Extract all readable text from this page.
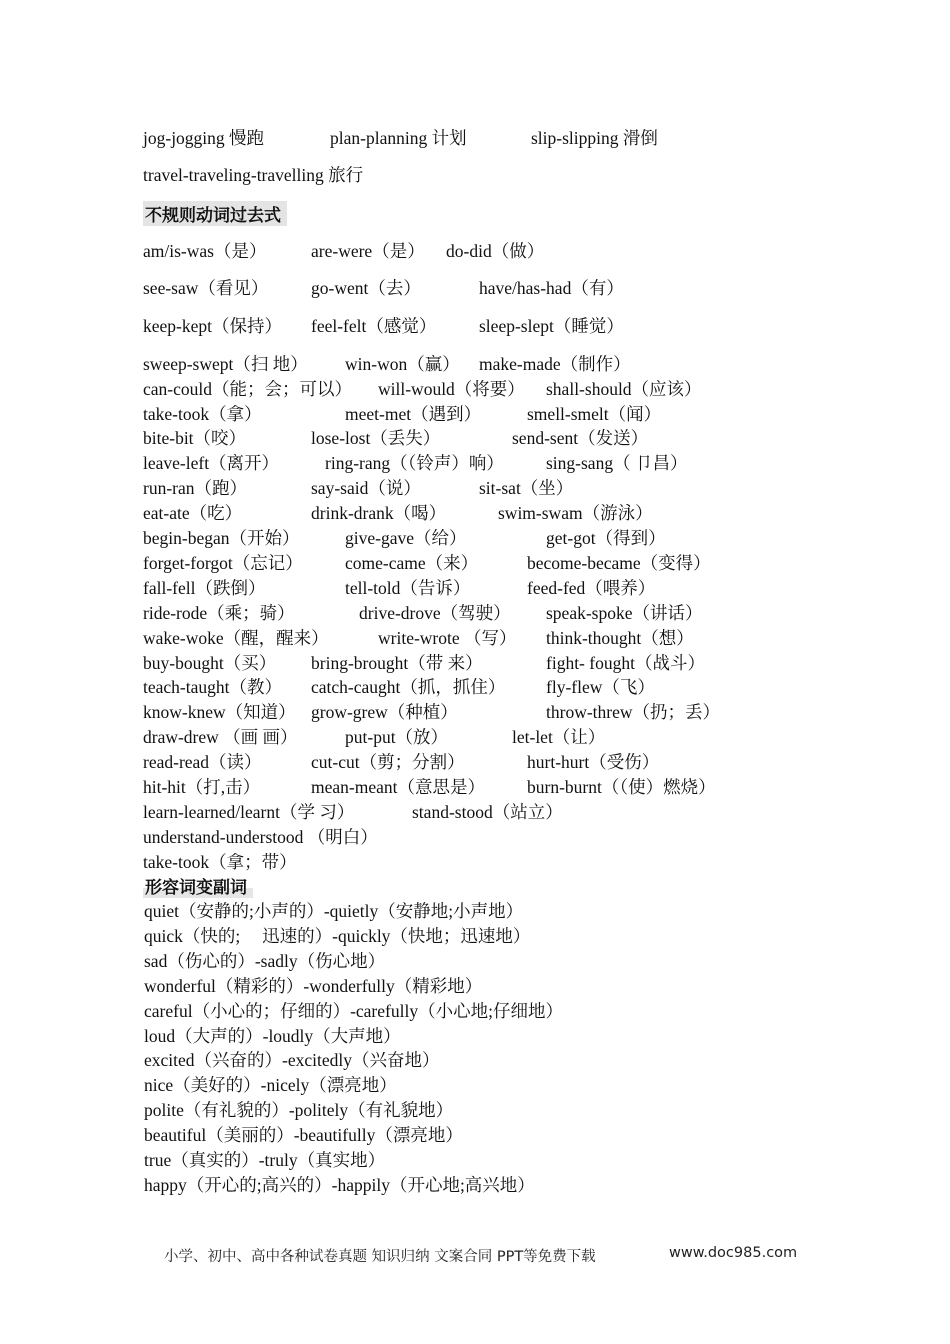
jog-jogging 慢跑	plan-planning 计划	slip-slipping 滑倒
travel-traveling-travelling 旅行
不规则动词过去式
am/is-was（是）	are-were（是） do-did（做）
see-saw（看见） go-went（去）	have/has-had（有）
keep-kept（保持） feel-felt（感觉） sleep-slept（睡觉）
sweep-swept（扫 地） win-won（赢） make-made（制作）
can-could（能；会；可以） will-would（将要） shall-should（应该）
take-took（拿）	meet-met（遇到）	smell-smelt（闻）
bite-bit（咬）	lose-lost（丢失）	send-sent（发送）
leave-left（离开）	ring-rang（（铃声）响） sing-sang（ 卩昌）
run-ran（跑）	say-said（说）	sit-sat（坐）
eat-ate（吃）	drink-drank（喝）	swim-swam（游泳）
begin-began（开始）	give-gave（给）	get-got（得到）
forget-forgot（忘记） come-came（来）	become-became（变得）
fall-fell（跌倒）	tell-told（告诉）	feed-fed（喂养）
ride-rode（乘；骑）	drive-drove（驾驶） speak-spoke（讲话）
wake-woke（醒，醒来）	write-wrote （写） think-thought（想）
buy-bought（买） bring-brought（带 来）	fight- fought（战斗）
teach-taught（教） catch-caught（抓，抓住） fly-flew（飞）
know-knew（知道） grow-grew（种植）	throw-threw（扔；丢）
draw-drew （画 画）	put-put（放）	let-let（让）
read-read（读）	cut-cut（剪；分割）	hurt-hurt（受伤）
hit-hit（打,击）	mean-meant（意思是） burn-burnt（（使）燃烧）
learn-learned/learnt（学 习）	stand-stood（站立）
understand-understood （明白）
take-took（拿；带）
形容词变副词
quiet（安静的;小声的）-quietly（安静地;小声地）
quick（快的;　 迅速的）-quickly（快地；迅速地）
sad（伤心的）-sadly（伤心地）
wonderful（精彩的）-wonderfully（精彩地）
careful（小心的；仔细的）-carefully（小心地;仔细地）
loud（大声的）-loudly（大声地）
excited（兴奋的）-excitedly（兴奋地）
nice（美好的）-nicely（漂亮地）
polite（有礼貌的）-politely（有礼貌地）
beautiful（美丽的）-beautifully（漂亮地）
true（真实的）-truly（真实地）
happy（开心的;高兴的）-happily（开心地;高兴地）
小学、初中、高中各种试卷真题 知识归纳 文案合同 PPT等免费下载	www.doc985.com
